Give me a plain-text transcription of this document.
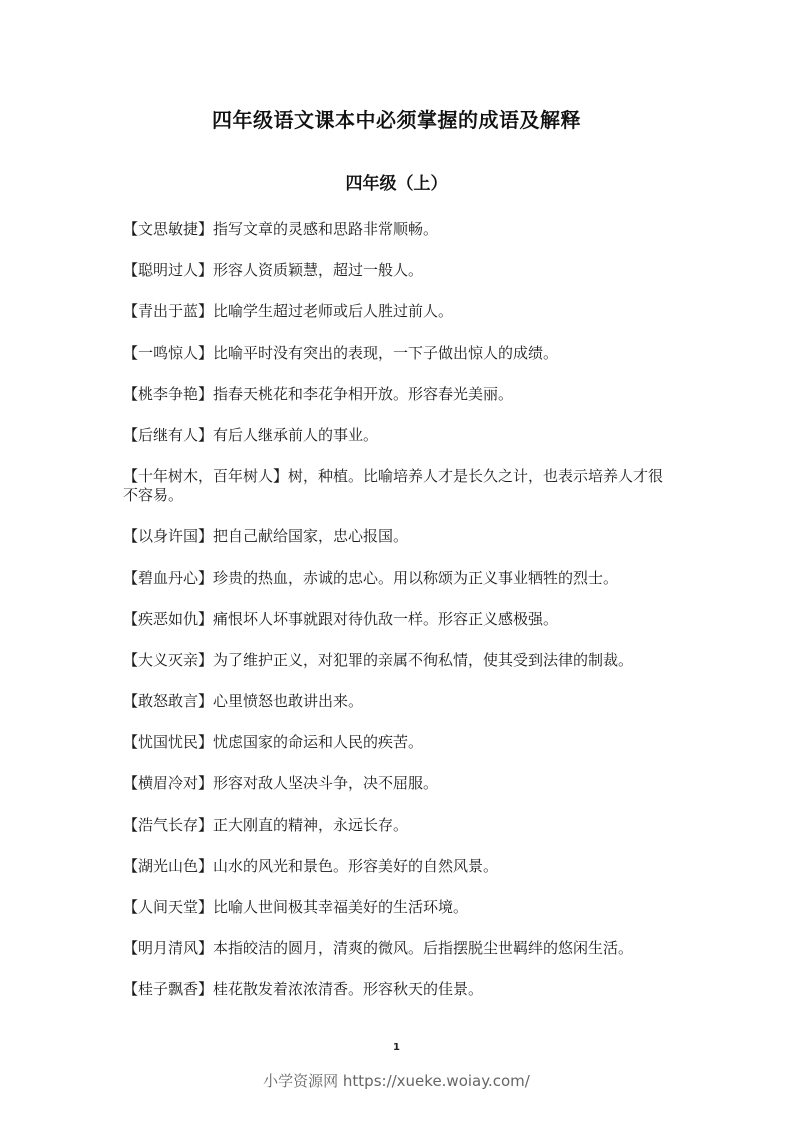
四年级语文课本中必须掌握的成语及解释
四年级（上）
【 文思敏捷 】 指写文章的灵感和思路非常顺畅。
【 聪明过人 】 形容人资质颖慧，超过一般人。
【 青出于蓝 】 比喻学生超过老师或后人胜过前人。
【 一鸣惊人 】 比喻平时没有突出的表现，一下子做出惊人的成绩。
【 桃李争艳 】 指春天桃花和李花争相开放。形容春光美丽。
【 后继有人 】 有后人继承前人的事业。
【 十年树木，百年树人 】 树，种植。比喻培养人才是长久之计，也表示培养人才很不容易。
【 以身许国 】 把自己献给国家，忠心报国。
【 碧血丹心 】 珍贵的热血，赤诚的忠心。用以称颂为正义事业牺牲的烈士。
【 疾恶如仇 】 痛恨坏人坏事就跟对待仇敌一样。形容正义感极强。
【 大义灭亲 】 为了维护正义，对犯罪的亲属不徇私情，使其受到法律的制裁。
【 敢怒敢言 】 心里愤怒也敢讲出来。
【 忧国忧民 】 忧虑国家的命运和人民的疾苦。
【 横眉冷对 】 形容对敌人坚决斗争，决不屈服。
【 浩气长存 】 正大刚直的精神，永远长存。
【 湖光山色 】 山水的风光和景色。形容美好的自然风景。
【 人间天堂 】 比喻人世间极其幸福美好的生活环境。
【 明月清风 】 本指皎洁的圆月，清爽的微风。后指摆脱尘世羁绊的悠闲生活。
【 桂子飘香 】 桂花散发着浓浓清香。形容秋天的佳景。
1
小学资源网 https://xueke.woiay.com/
